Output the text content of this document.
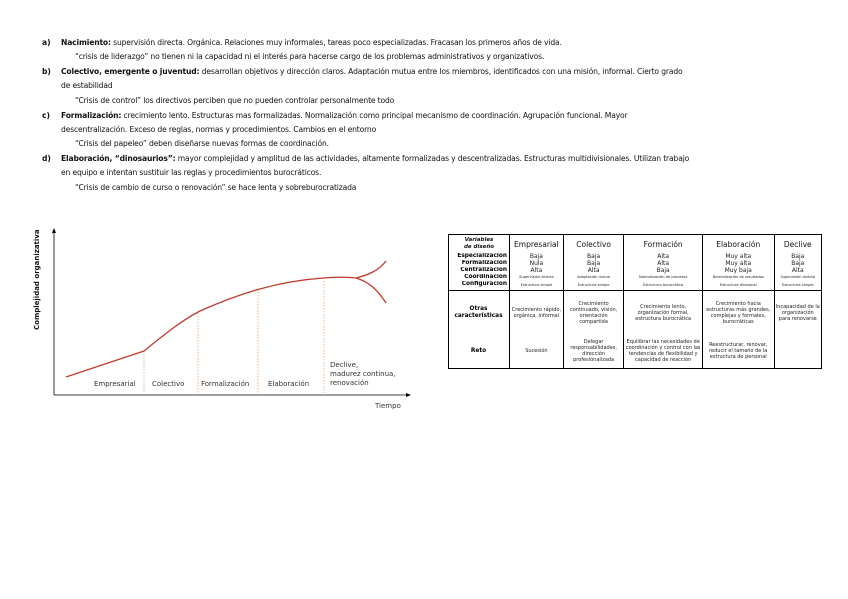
a) Nacimiento: supervisión directa. Orgánica. Relaciones muy informales, tareas poco especializadas. Fracasan los primeros años de vida.
“crisis de liderazgo” no tienen ni la capacidad ni el interés para hacerse cargo de los problemas administrativos y organizativos.
b) Colectivo, emergente o juventud: desarrollan objetivos y dirección claros. Adaptación mutua entre los miembros, identificados con una misión, informal. Cierto grado
de estabilidad
“Crisis de control” los directivos perciben que no pueden controlar personalmente todo
c) Formalización: crecimiento lento. Estructuras mas formalizadas. Normalización como principal mecanismo de coordinación. Agrupación funcional. Mayor
descentralización. Exceso de reglas, normas y procedimientos. Cambios en el entorno
“Crisis del papeleo” deben diseñarse nuevas formas de coordinación.
d) Elaboración, “dinosaurios”: mayor complejidad y amplitud de las actividades, altamente formalizadas y descentralizadas. Estructuras multidivisionales. Utilizan trabajo
en equipo e intentan sustituir las reglas y procedimientos burocráticos.
“Crisis de cambio de curso o renovación” se hace lenta y sobreburocratizada
Complejidad organizativa
Empresarial Colectivo Formalización	Elaboración
Declive,
madurez continua,
renovación
Tiempo
Variables
de diseño	Empresarial	Colectivo	Formación	Elaboración	Declive
Especialización	Baja	Baja	Alta	Muy alta	Baja
Formalización	Nula	Baja	Alta	Muy alta	Baja
Centralización	Alta	Alta	Baja	Muy baja	Alta
Coordinación	Supervisión directa	Adaptación mutua	Normalización de procesos	Normalización de resultados	Supervisión directa
Configuración	Estructura simple	Estructura simple	Estructura burocrática	Estructura divisional	Estructura simple
Otras
características	Crecimiento rápido, orgánica, informal	Crecimiento continuado, visión, orientación compartida	Crecimiento lento, organización formal, estructura burocrática	Crecimiento hacia estructuras más grandes, complejas y formales, burocráticas	Incapacidad de la organización para renovarse
Reto	Sucesión	Delegar responsabilidades, dirección profesionalizada	Equilibrar las necesidades de coordinación y control con las tendencias de flexibilidad y capacidad de reacción	Reestructurar, renovar, reducir el tamaño de la estructura de personal	
